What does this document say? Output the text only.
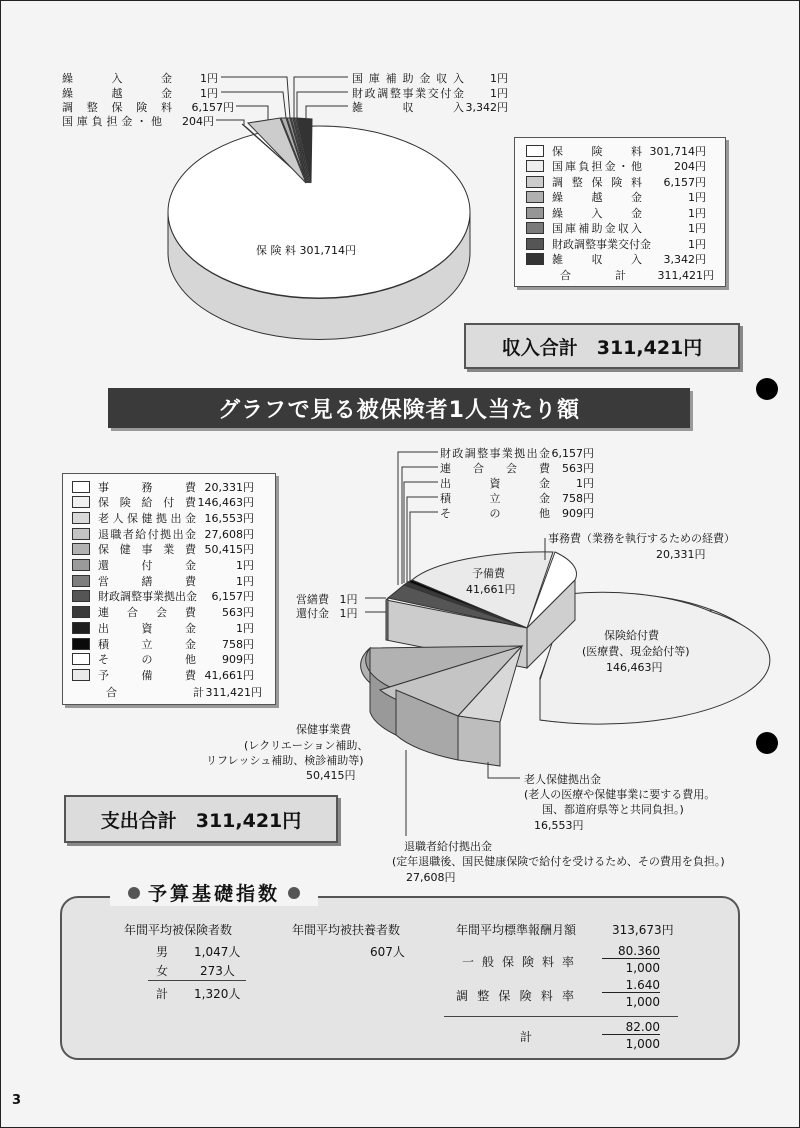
繰入金	1円
繰越金	1円
調整保険料 6,157円
国庫負担金・他 204円
国庫補助金収入 1円
財政調整事業交付金 1円
雑収入 3,342円
保 険 料 301,714円
保険料 301,714円
国庫負担金・他	204円
調整保険料	6,157円
繰越金	1円
繰入金	1円
国庫補助金収入	1円
財政調整事業交付金	1円
雑収入	3,342円
合計	311,421円
収入合計　311,421円
グラフで見る被保険者1人当たり額
事務費 20,331円
保険給付費 146,463円
老人保健拠出金 16,553円
退職者給付拠出金 27,608円
保健事業費 50,415円
還付金	1円
営繕費	1円
財政調整事業拠出金	6,157円
連合会費	563円
出資金	1円
積立金	758円
その他	909円
予備費 41,661円
合計 311,421円
財政調整事業拠出金 6,157円
連合会費 563円
出資金 1円
積立金 758円
その他 909円
事務費（業務を執行するための経費）
20,331円
予備費
41,661円
営繕費 1円
還付金 1円
保険給付費
(医療費、現金給付等)
146,463円
保健事業費
(レクリエーション補助、
リフレッシュ補助、検診補助等)
50,415円	老人保健拠出金
(老人の医療や保健事業に要する費用。
国、都道府県等と共同負担。)
16,553円
退職者給付拠出金
(定年退職後、国民健康保険で給付を受けるため、その費用を負担。)
27,608円
支出合計　311,421円
予算基礎指数
年間平均被保険者数
男 1,047人
女	273人
計 1,320人
年間平均被扶養者数
607人
年間平均標準報酬月額	313,673円
一般保険料率
80.360
1,000
調整保険料率
1.640
1,000
計
82.00
1,000
3
